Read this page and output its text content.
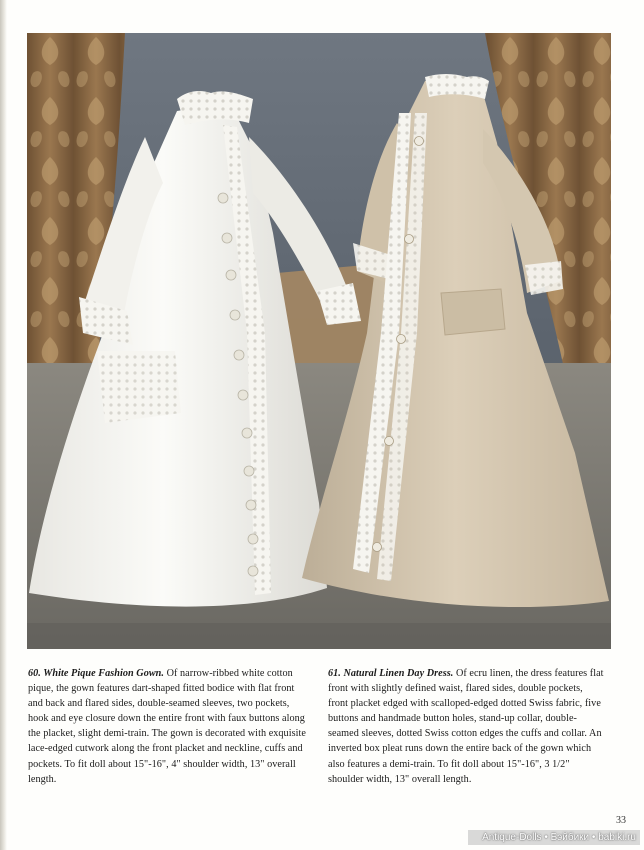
60. White Pique Fashion Gown. Of narrow-ribbed white cotton pique, the gown features dart-shaped fitted bodice with flat front and back and flared sides, double-seamed sleeves, two pockets, hook and eye closure down the entire front with faux buttons along the placket, slight demi-train. The gown is decorated with exquisite lace-edged cutwork along the front placket and neckline, cuffs and pockets. To fit doll about 15"-16", 4" shoulder width, 13" overall length.
61. Natural Linen Day Dress. Of ecru linen, the dress features flat front with slightly defined waist, flared sides, double pockets, front placket edged with scalloped-edged dotted Swiss fabric, five buttons and handmade button holes, stand-up collar, double-seamed sleeves, dotted Swiss cotton edges the cuffs and collar. An inverted box pleat runs down the entire back of the gown which also features a demi-train. To fit doll about 15"-16", 3 1/2" shoulder width, 13" overall length.
33
Antique-Dolls • Бэйбики • babiki.ru
